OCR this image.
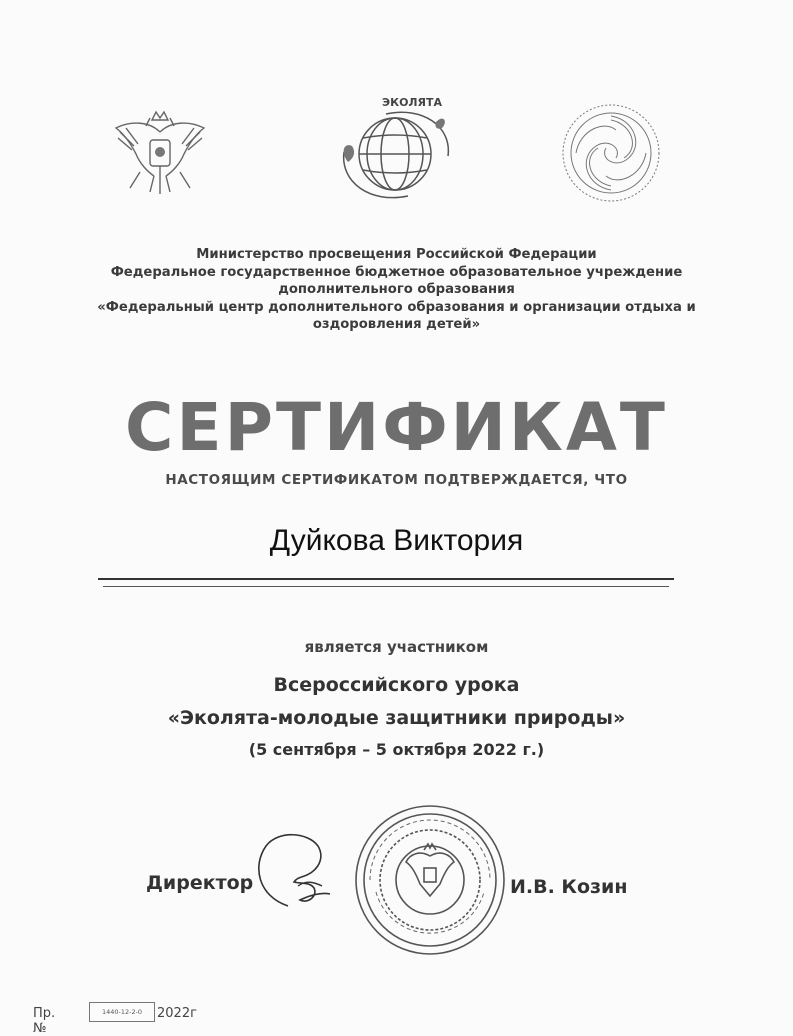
ЭКОЛЯТА
Министерство просвещения Российской Федерации
Федеральное государственное бюджетное образовательное учреждение
дополнительного образования
«Федеральный центр дополнительного образования и организации отдыха и
оздоровления детей»
СЕРТИФИКАТ
НАСТОЯЩИМ СЕРТИФИКАТОМ ПОДТВЕРЖДАЕТСЯ, ЧТО
Дуйкова Виктория
является участником
Всероссийского урока
«Эколята-молодые защитники природы»
(5 сентября – 5 октября 2022 г.)
Директор	И.В. Козин
Пр. №
1440-12-2-0	2022г
